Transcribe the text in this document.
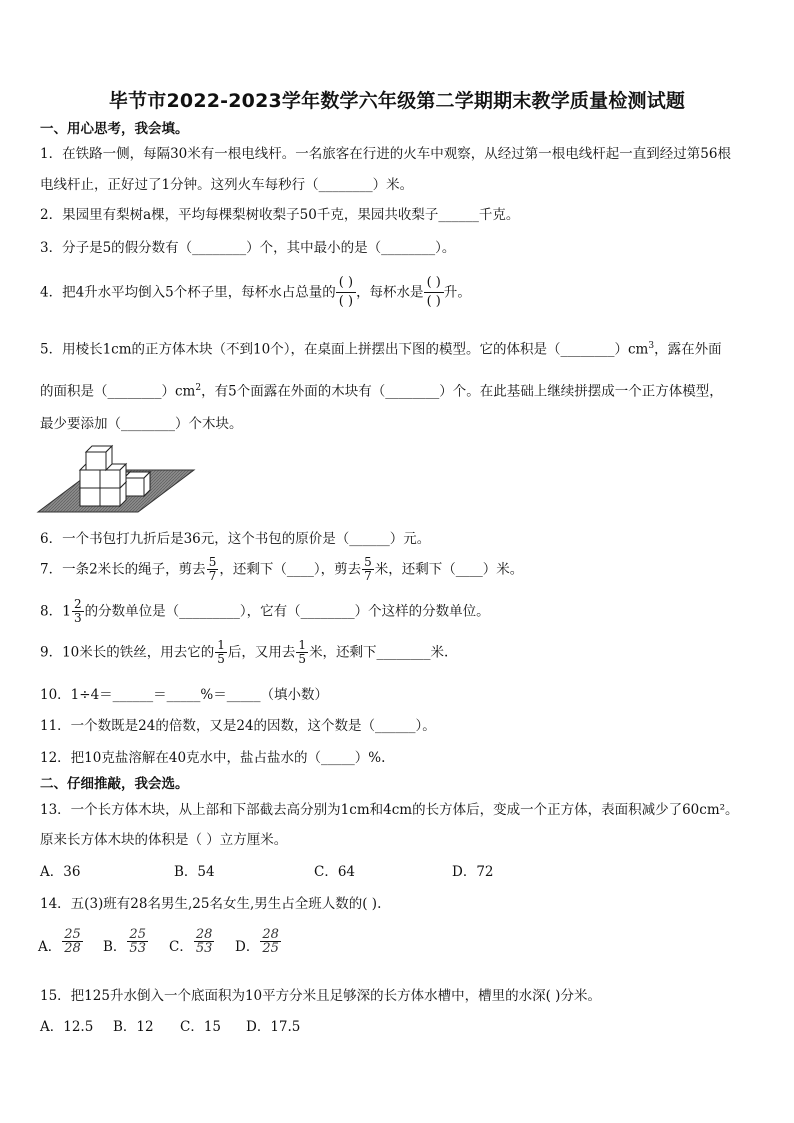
毕节市2022-2023学年数学六年级第二学期期末教学质量检测试题
一、用心思考，我会填。
1．在铁路一侧，每隔30米有一根电线杆。一名旅客在行进的火车中观察，从经过第一根电线杆起一直到经过第56根
电线杆止，正好过了1分钟。这列火车每秒行（________）米。
2．果园里有梨树a棵，平均每棵梨树收梨子50千克，果园共收梨子______千克。
3．分子是5的假分数有（________）个，其中最小的是（________）。
4．把4升水平均倒入5个杯子里，每杯水占总量的 $\frac{( )}{( )}$ ，每杯水是 $\frac{( )}{( )}$ 升。
5．用棱长1cm的正方体木块（不到10个），在桌面上拼摆出下图的模型。它的体积是$(\_\_\_\_\_\_\_\_)cm^3$，露在外面
的面积是$(\_\_\_\_\_\_\_\_)cm^2$，有5个面露在外面的木块有（________）个。在此基础上继续拼摆成一个正方体模型，
最少要添加（________）个木块。
6．一个书包打九折后是36元，这个书包的原价是（______）元。
7．一条2米长的绳子，剪去 $\frac{5}{7}$ ，还剩下（____），剪去 $\frac{5}{7}$ 米，还剩下（____）米。
8．$1 \frac{2}{3}$ 的分数单位是（_________），它有（________）个这样的分数单位。
9．10米长的铁丝，用去它的 $\frac{1}{5}$ 后，又用去 $\frac{1}{5}$ 米，还剩下________米.
10．1÷4＝______＝_____%＝_____（填小数）
11．一个数既是24的倍数，又是24的因数，这个数是（______）。
12．把10克盐溶解在40克水中，盐占盐水的（_____）%.
二、仔细推敲，我会选。
13．一个长方体木块，从上部和下部截去高分别为1cm和4cm的长方体后，变成一个正方体，表面积减少了60cm²。
原来长方体木块的体积是（ ）立方厘米。
A．36	B．54	C．64	D．72
14．五(3)班有28名男生,25名女生,男生占全班人数的( ).
A． $\frac{25}{28}$ B． $\frac{25}{53}$ C． $\frac{28}{53}$ D． $\frac{28}{25}$
15．把125升水倒入一个底面积为10平方分米且足够深的长方体水槽中，槽里的水深( )分米。
A．12.5 B．12 C．15 D．17.5
